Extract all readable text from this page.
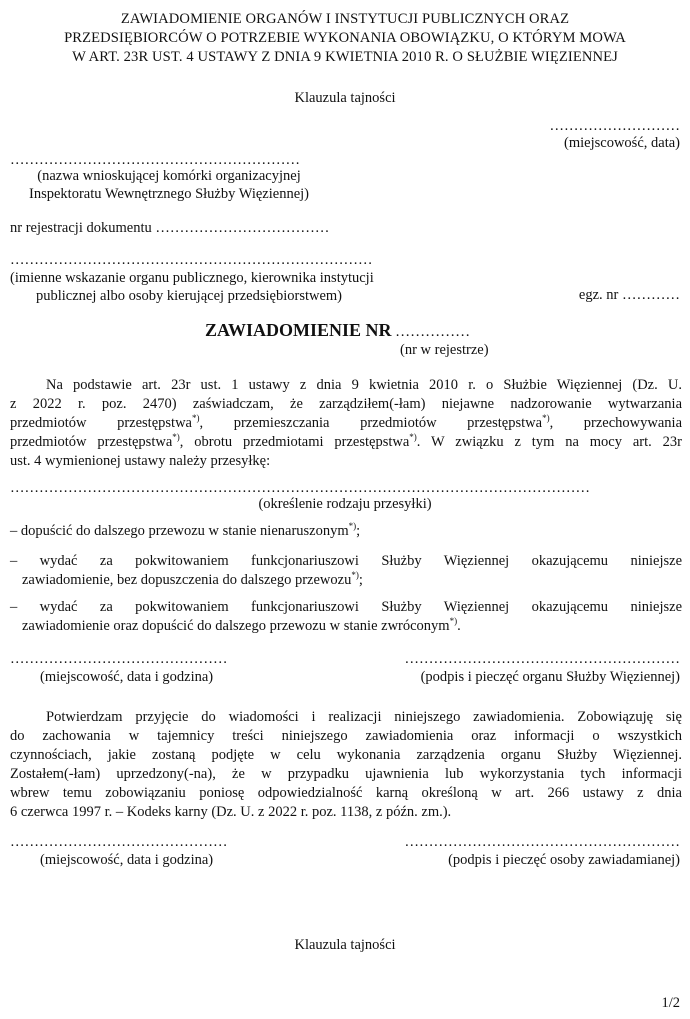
ZAWIADOMIENIE ORGANÓW I INSTYTUCJI PUBLICZNYCH ORAZ
PRZEDSIĘBIORCÓW O POTRZEBIE WYKONANIA OBOWIĄZKU, O KTÓRYM MOWA
W ART. 23R UST. 4 USTAWY Z DNIA 9 KWIETNIA 2010 R. O SŁUŻBIE WIĘZIENNEJ
Klauzula tajności
………………………
(miejscowość, data)
……………………………………………………
(nazwa wnioskującej komórki organizacyjnej
Inspektoratu Wewnętrznego Służby Więziennej)
nr rejestracji dokumentu ………………………………
…………………………………………………………………
(imienne wskazanie organu publicznego, kierownika instytucji
publicznej albo osoby kierującej przedsiębiorstwem)	egz. nr …………
ZAWIADOMIENIE NR ……………
(nr w rejestrze)
Na podstawie art. 23r ust. 1 ustawy z dnia 9 kwietnia 2010 r. o Służbie Więziennej (Dz. U.
z 2022 r. poz. 2470) zaświadczam, że zarządziłem(-łam) niejawne nadzorowanie wytwarzania
przedmiotów przestępstwa*), przemieszczania przedmiotów przestępstwa*), przechowywania
przedmiotów przestępstwa*), obrotu przedmiotami przestępstwa*). W związku z tym na mocy art. 23r
ust. 4 wymienionej ustawy należy przesyłkę:
…………………………………………………………………………………………………………
(określenie rodzaju przesyłki)
– dopuścić do dalszego przewozu w stanie nienaruszonym*);
– wydać za pokwitowaniem funkcjonariuszowi Służby Więziennej okazującemu niniejsze
zawiadomienie, bez dopuszczenia do dalszego przewozu*);
– wydać za pokwitowaniem funkcjonariuszowi Służby Więziennej okazującemu niniejsze
zawiadomienie oraz dopuścić do dalszego przewozu w stanie zwróconym*).
………………………………………
(miejscowość, data i godzina)
…………………………………………………
(podpis i pieczęć organu Służby Więziennej)
Potwierdzam przyjęcie do wiadomości i realizacji niniejszego zawiadomienia. Zobowiązuję się
do zachowania w tajemnicy treści niniejszego zawiadomienia oraz informacji o wszystkich
czynnościach, jakie zostaną podjęte w celu wykonania zarządzenia organu Służby Więziennej.
Zostałem(-łam) uprzedzony(-na), że w przypadku ujawnienia lub wykorzystania tych informacji
wbrew temu zobowiązaniu poniosę odpowiedzialność karną określoną w art. 266 ustawy z dnia
6 czerwca 1997 r. – Kodeks karny (Dz. U. z 2022 r. poz. 1138, z późn. zm.).
………………………………………
(miejscowość, data i godzina)
…………………………………………………
(podpis i pieczęć osoby zawiadamianej)
Klauzula tajności
1/2
